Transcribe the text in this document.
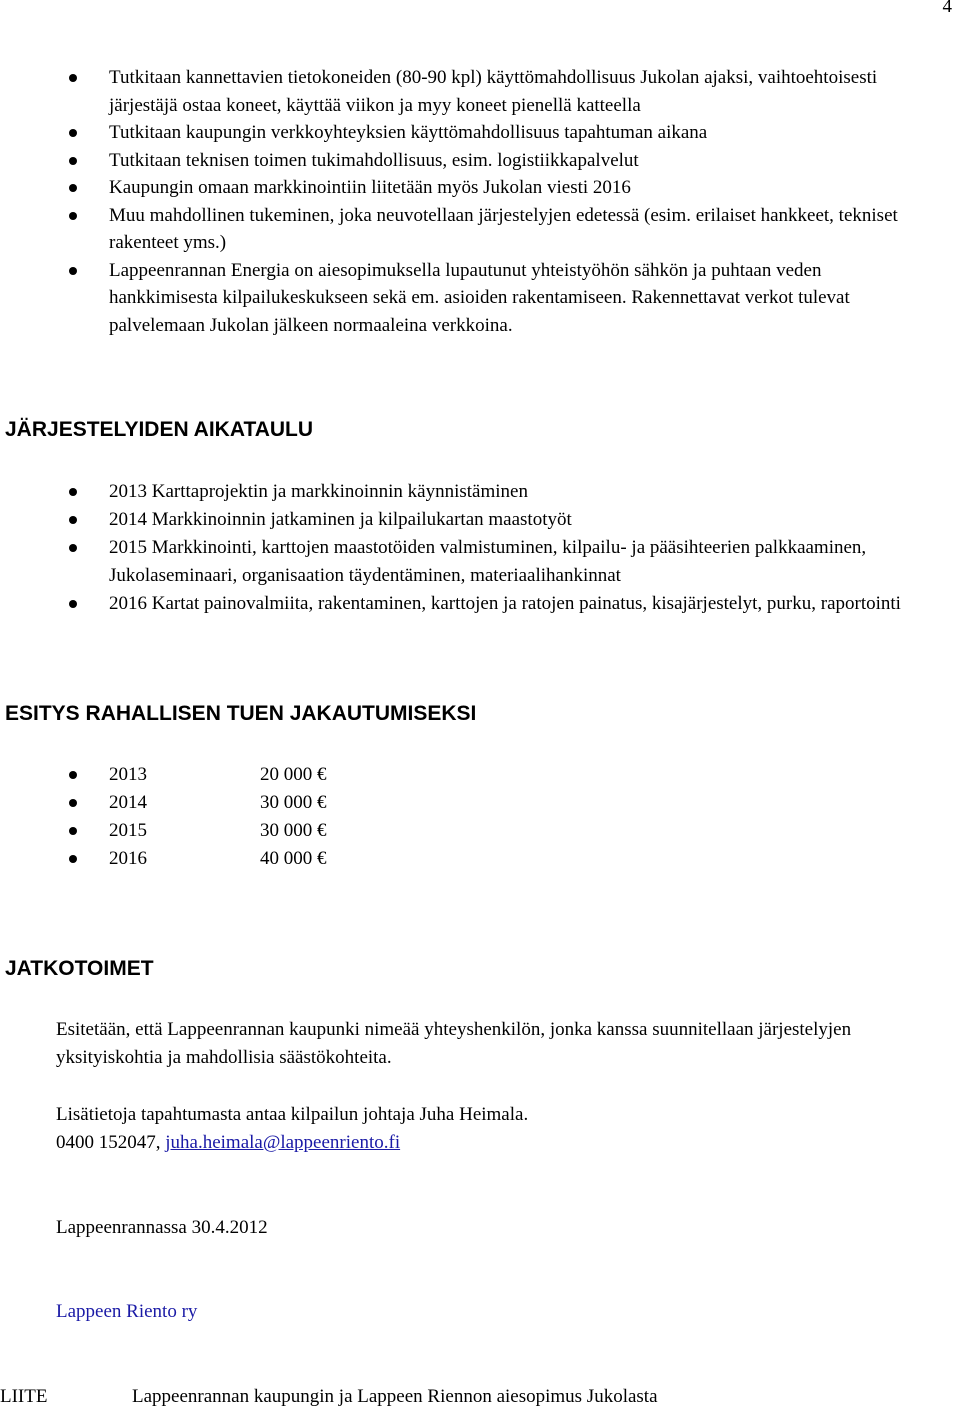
4
Tutkitaan kannettavien tietokoneiden (80-90 kpl) käyttömahdollisuus Jukolan ajaksi, vaihtoehtoisesti järjestäjä ostaa koneet, käyttää viikon ja myy koneet pienellä katteella
Tutkitaan kaupungin verkkoyhteyksien käyttömahdollisuus tapahtuman aikana
Tutkitaan teknisen toimen tukimahdollisuus, esim. logistiikkapalvelut
Kaupungin omaan markkinointiin liitetään myös Jukolan viesti 2016
Muu mahdollinen tukeminen, joka neuvotellaan järjestelyjen edetessä (esim. erilaiset hankkeet, tekniset rakenteet yms.)
Lappeenrannan Energia on aiesopimuksella lupautunut yhteistyöhön sähkön ja puhtaan veden hankkimisesta kilpailukeskukseen sekä em. asioiden rakentamiseen. Rakennettavat verkot tulevat palvelemaan Jukolan jälkeen normaaleina verkkoina.
JÄRJESTELYIDEN AIKATAULU
2013 Karttaprojektin ja markkinoinnin käynnistäminen
2014 Markkinoinnin jatkaminen ja kilpailukartan maastotyöt
2015 Markkinointi, karttojen maastotöiden valmistuminen, kilpailu- ja pääsihteerien palkkaaminen, Jukolaseminaari, organisaation täydentäminen, materiaalihankinnat
2016 Kartat painovalmiita, rakentaminen, karttojen ja ratojen painatus, kisajärjestelyt, purku, raportointi
ESITYS RAHALLISEN TUEN JAKAUTUMISEKSI
2013	20 000 €
2014	30 000 €
2015	30 000 €
2016	40 000 €
JATKOTOIMET

Esitetään, että Lappeenrannan kaupunki nimeää yhteyshenkilön, jonka kanssa suunnitellaan järjestelyjen yksityiskohtia ja mahdollisia säästökohteita.

Lisätietoja tapahtumasta antaa kilpailun johtaja Juha Heimala.
0400 152047, juha.heimala@lappeenriento.fi

Lappeenrannassa 30.4.2012

Lappeen Riento ry

LIITE	Lappeenrannan kaupungin ja Lappeen Riennon aiesopimus Jukolasta
